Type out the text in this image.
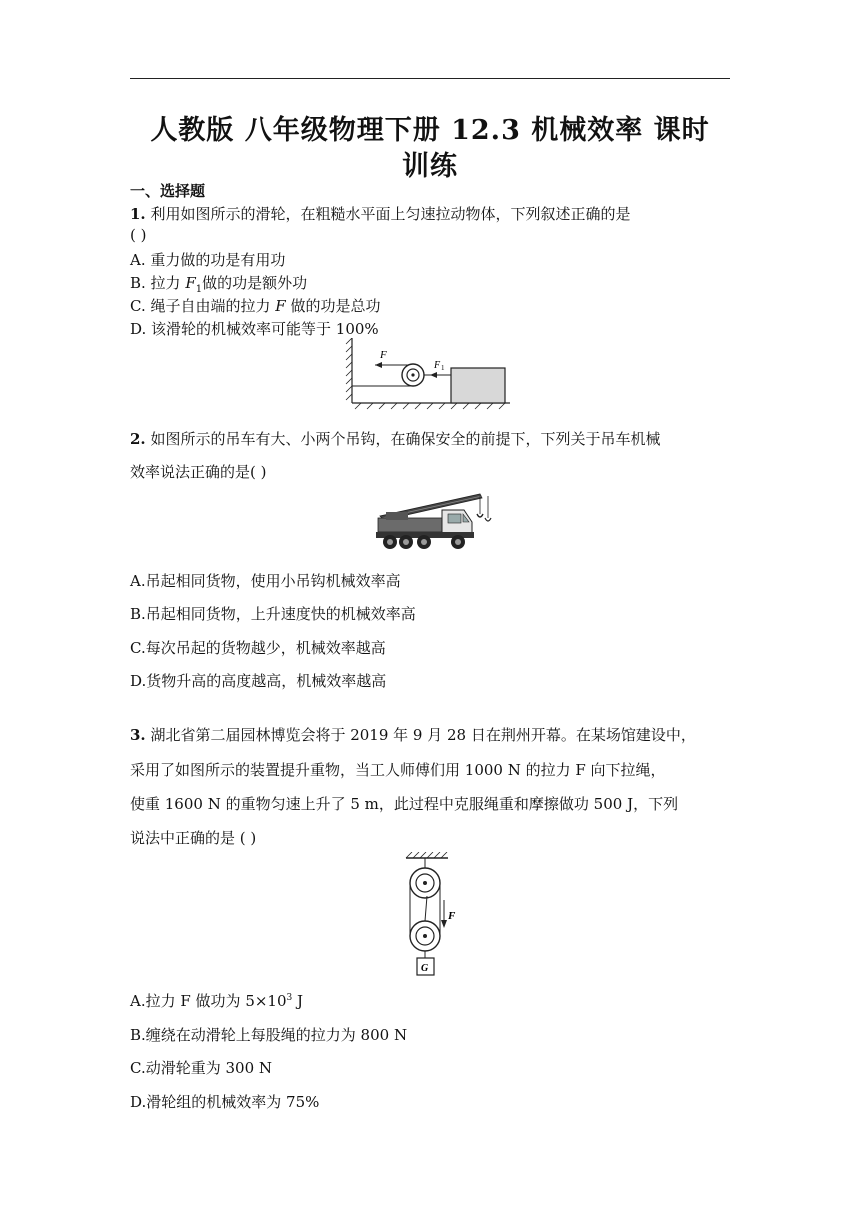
人教版 八年级物理下册 12.3 机械效率 课时
训练
一、选择题
1. 利用如图所示的滑轮，在粗糙水平面上匀速拉动物体，下列叙述正确的是
( )
A. 重力做的功是有用功
B. 拉力 $F_1$做的功是额外功
C. 绳子自由端的拉力 F 做的功是总功
D. 该滑轮的机械效率可能等于 100%
F
F 1
2. 如图所示的吊车有大、小两个吊钩，在确保安全的前提下，下列关于吊车机械
效率说法正确的是( )
A.吊起相同货物，使用小吊钩机械效率高
B.吊起相同货物，上升速度快的机械效率高
C.每次吊起的货物越少，机械效率越高
D.货物升高的高度越高，机械效率越高
3. 湖北省第二届园林博览会将于 2019 年 9 月 28 日在荆州开幕。在某场馆建设中，
采用了如图所示的装置提升重物，当工人师傅们用 1000 N 的拉力 F 向下拉绳，
使重 1600 N 的重物匀速上升了 5 m，此过程中克服绳重和摩擦做功 500 J，下列
说法中正确的是 ( )
F
G
A.拉力 F 做功为 $5\times 10^3$ J
B.缠绕在动滑轮上每股绳的拉力为 800 N
C.动滑轮重为 300 N
D.滑轮组的机械效率为 75%
